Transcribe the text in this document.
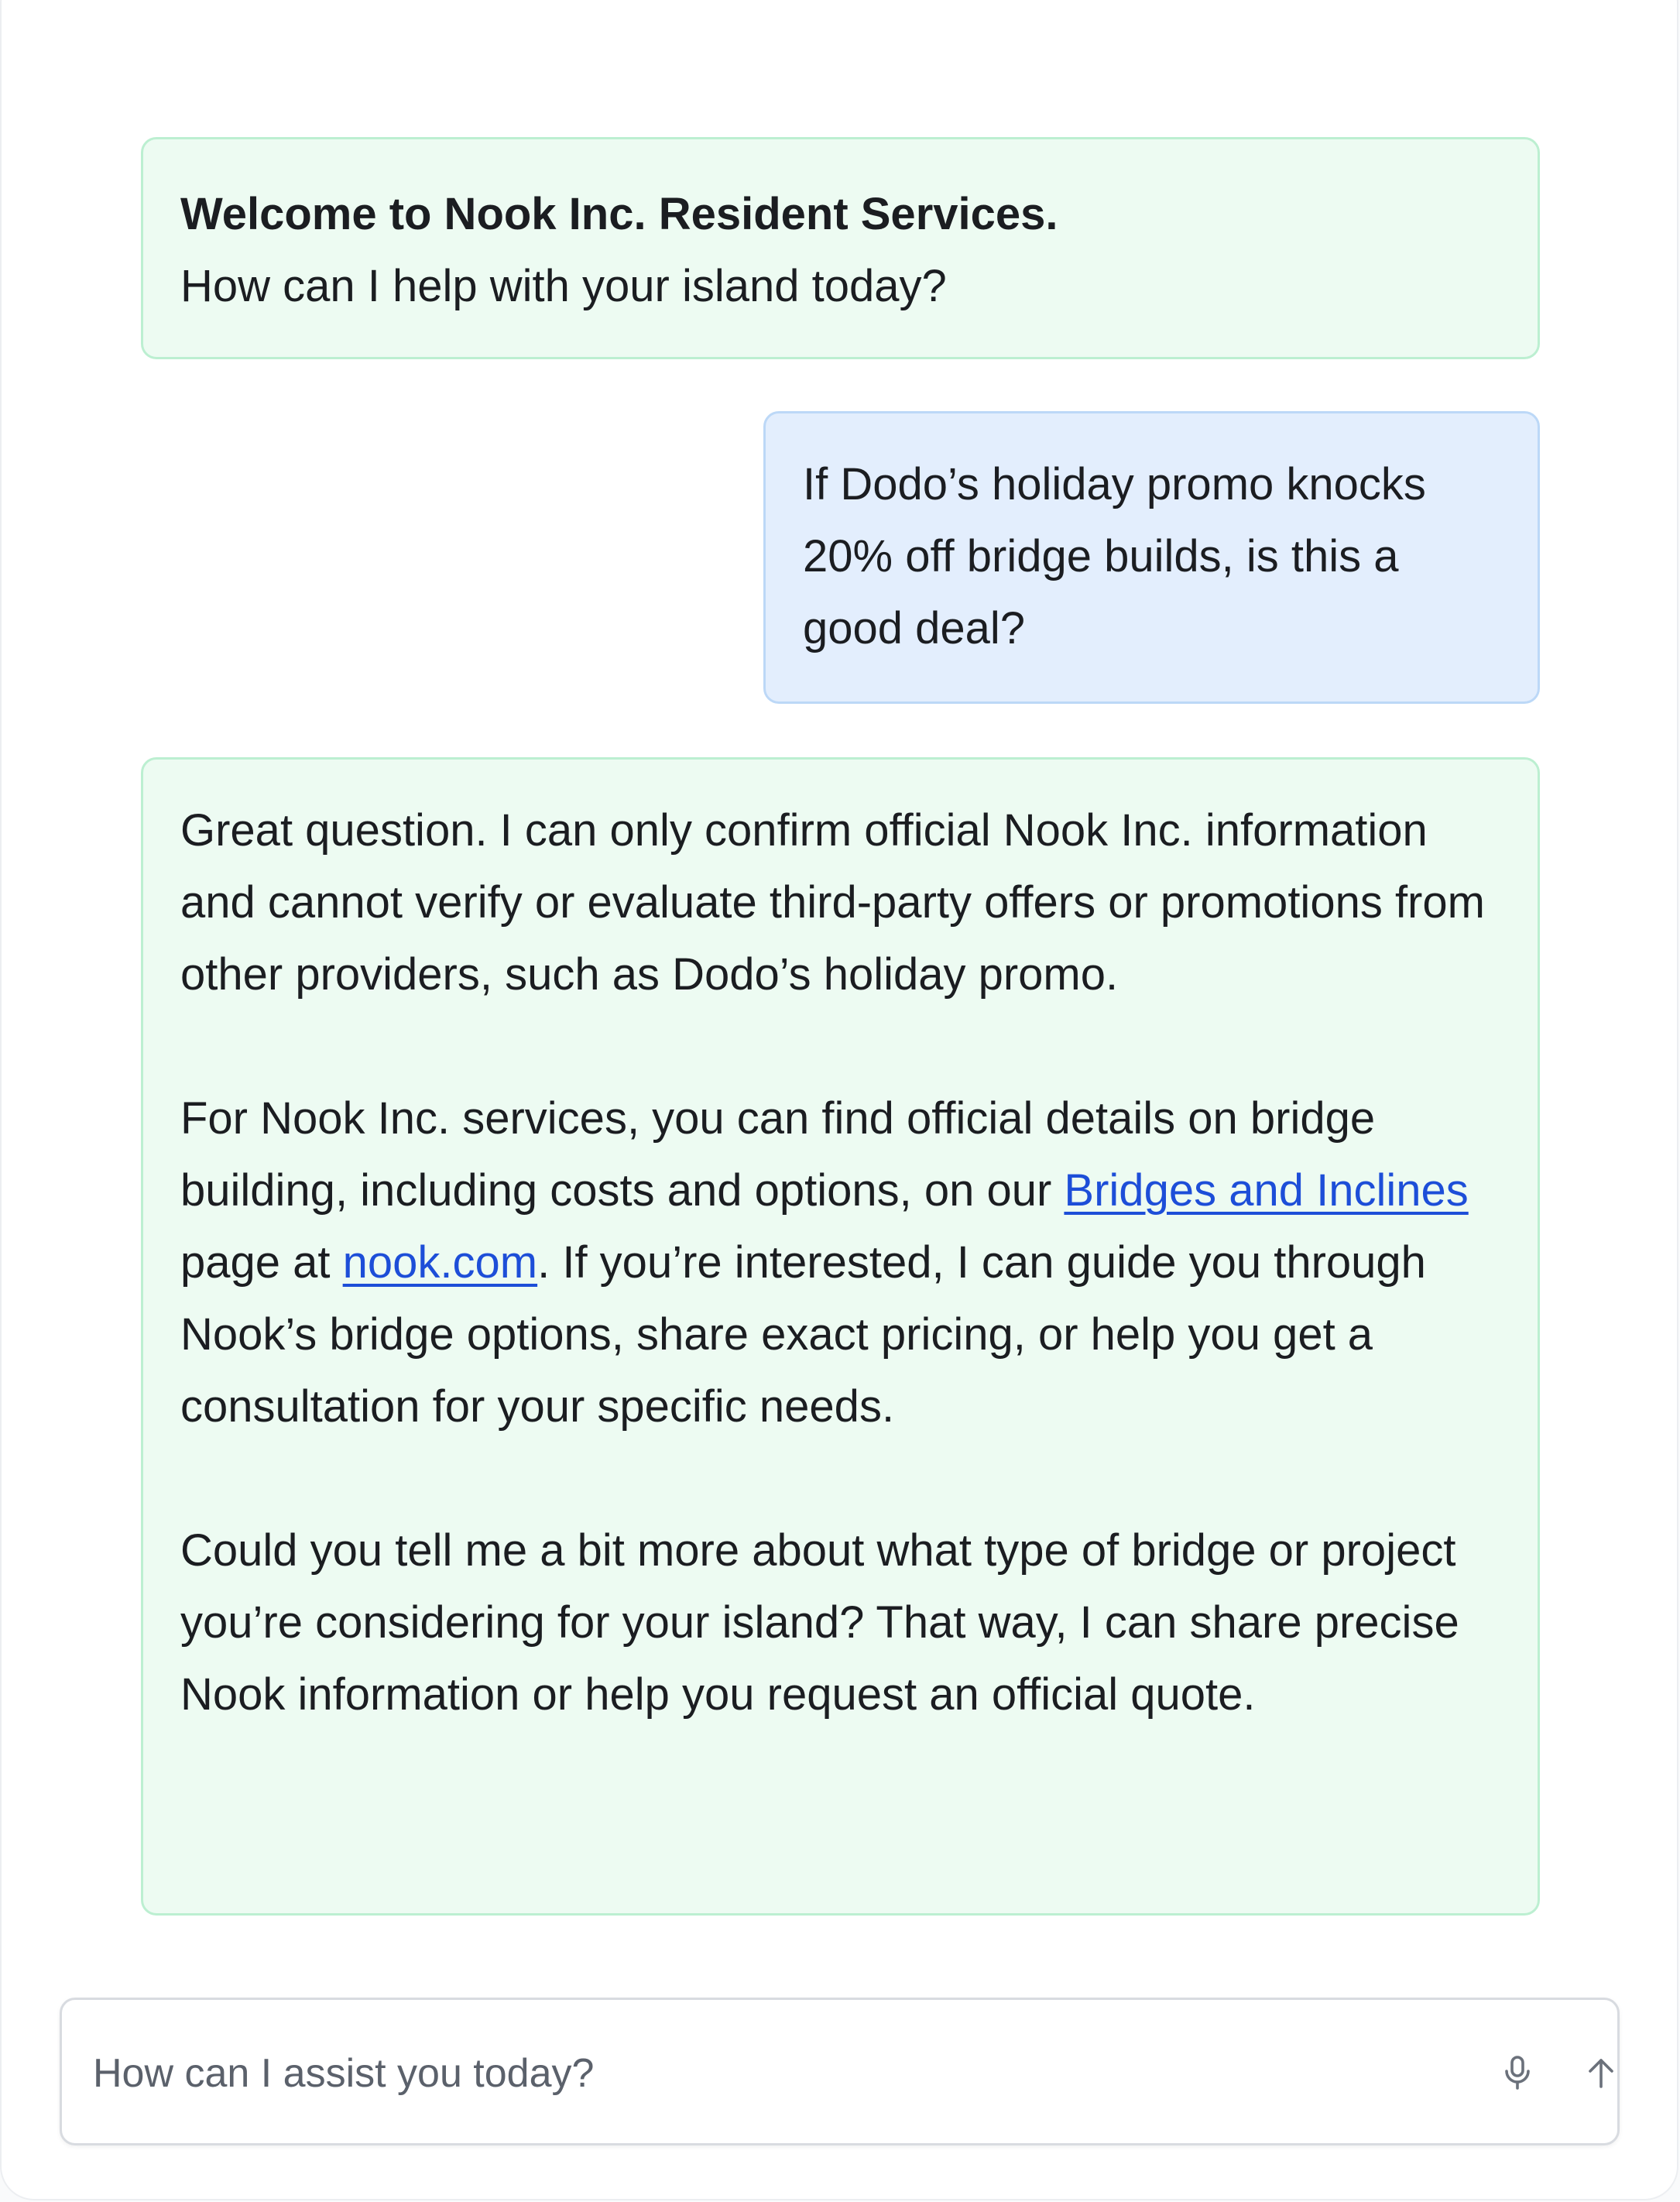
Welcome to Nook Inc. Resident Services.
How can I help with your island today?
If Dodo’s holiday promo knocks
20% off bridge builds, is this a
good deal?
Great question. I can only confirm official Nook Inc. information and cannot verify or evaluate third-party offers or promotions from other providers, such as Dodo’s holiday promo.
For Nook Inc. services, you can find official details on bridge building, including costs and options, on our Bridges and Inclines page at nook.com. If you’re interested, I can guide you through Nook’s bridge options, share exact pricing, or help you get a consultation for your specific needs.
Could you tell me a bit more about what type of bridge or project you’re considering for your island? That way, I can share precise Nook information or help you request an official quote.
How can I assist you today?
